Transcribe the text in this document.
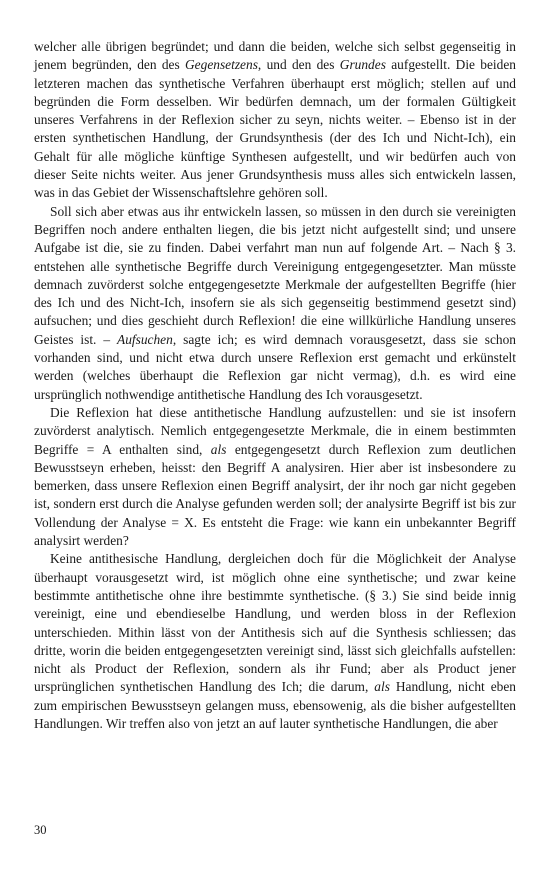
welcher alle übrigen begründet; und dann die beiden, welche sich selbst gegenseitig in jenem begründen, den des Gegensetzens, und den des Grundes aufgestellt. Die beiden letzteren machen das synthetische Verfahren überhaupt erst möglich; stellen auf und begründen die Form desselben. Wir bedürfen demnach, um der formalen Gültigkeit unseres Verfahrens in der Reflexion sicher zu seyn, nichts weiter. – Ebenso ist in der ersten synthetischen Handlung, der Grundsynthesis (der des Ich und Nicht-Ich), ein Gehalt für alle mögliche künftige Synthesen aufgestellt, und wir bedürfen auch von dieser Seite nichts weiter. Aus jener Grundsynthesis muss alles sich entwickeln lassen, was in das Gebiet der Wissenschaftslehre gehören soll.

Soll sich aber etwas aus ihr entwickeln lassen, so müssen in den durch sie vereinigten Begriffen noch andere enthalten liegen, die bis jetzt nicht aufgestellt sind; und unsere Aufgabe ist die, sie zu finden. Dabei verfahrt man nun auf folgende Art. – Nach § 3. entstehen alle synthetische Begriffe durch Vereinigung entgegengesetzter. Man müsste demnach zuvörderst solche entgegengesetzte Merkmale der aufgestellten Begriffe (hier des Ich und des Nicht-Ich, insofern sie als sich gegenseitig bestimmend gesetzt sind) aufsuchen; und dies geschieht durch Reflexion! die eine willkürliche Handlung unseres Geistes ist. – Aufsuchen, sagte ich; es wird demnach vorausgesetzt, dass sie schon vorhanden sind, und nicht etwa durch unsere Reflexion erst gemacht und erkünstelt werden (welches überhaupt die Reflexion gar nicht vermag), d.h. es wird eine ursprünglich nothwendige antithetische Handlung des Ich vorausgesetzt.

Die Reflexion hat diese antithetische Handlung aufzustellen: und sie ist insofern zuvörderst analytisch. Nemlich entgegengesetzte Merkmale, die in einem bestimmten Begriffe = A enthalten sind, als entgegengesetzt durch Reflexion zum deutlichen Bewusstseyn erheben, heisst: den Begriff A analysiren. Hier aber ist insbesondere zu bemerken, dass unsere Reflexion einen Begriff analysirt, der ihr noch gar nicht gegeben ist, sondern erst durch die Analyse gefunden werden soll; der analysirte Begriff ist bis zur Vollendung der Analyse = X. Es entsteht die Frage: wie kann ein unbekannter Begriff analysirt werden?

Keine antithesische Handlung, dergleichen doch für die Möglichkeit der Analyse überhaupt vorausgesetzt wird, ist möglich ohne eine synthetische; und zwar keine bestimmte antithetische ohne ihre bestimmte synthetische. (§ 3.) Sie sind beide innig vereinigt, eine und ebendieselbe Handlung, und werden bloss in der Reflexion unterschieden. Mithin lässt von der Antithesis sich auf die Synthesis schliessen; das dritte, worin die beiden entgegengesetzten vereinigt sind, lässt sich gleichfalls aufstellen: nicht als Product der Reflexion, sondern als ihr Fund; aber als Product jener ursprünglichen synthetischen Handlung des Ich; die darum, als Handlung, nicht eben zum empirischen Bewusstseyn gelangen muss, ebensowenig, als die bisher aufgestellten Handlungen. Wir treffen also von jetzt an auf lauter synthetische Handlungen, die aber

30
